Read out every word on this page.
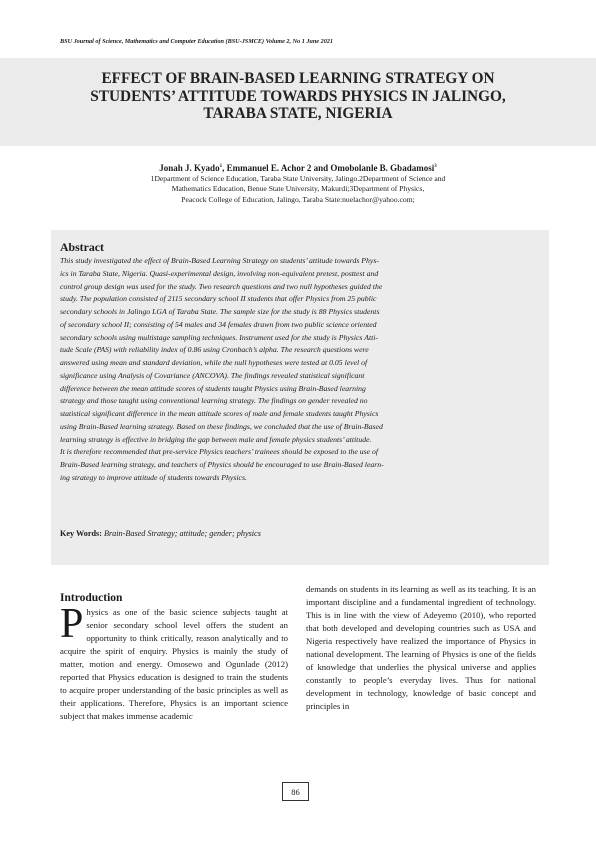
BSU Journal of Science, Mathematics and Computer Education (BSU-JSMCE) Volume 2, No 1 June 2021
EFFECT OF BRAIN-BASED LEARNING STRATEGY ON
STUDENTS’ ATTITUDE TOWARDS PHYSICS IN JALINGO,
TARABA STATE, NIGERIA
Jonah J. Kyado$^1$, Emmanuel E. Achor 2 and Omobolanle B. Gbadamosi$^3$
1Department of Science Education, Taraba State University, Jalingo.2Department of Science and
Mathematics Education, Benue State University, Makurdi;3Department of Physics,
Peacock College of Education, Jalingo, Taraba State:nuelachor@yahoo.com;
Abstract
This study investigated the effect of Brain-Based Learning Strategy on students’ attitude towards Phys-
ics in Taraba State, Nigeria. Quasi-experimental design, involving non-equivalent pretest, posttest and
control group design was used for the study. Two research questions and two null hypotheses guided the
study. The population consisted of 2115 secondary school II students that offer Physics from 25 public
secondary schools in Jalingo LGA of Taraba State. The sample size for the study is 88 Physics students
of secondary school II; consisting of 54 males and 34 females drawn from two public science oriented
secondary schools using multistage sampling techniques. Instrument used for the study is Physics Atti-
tude Scale (PAS) with reliability index of 0.86 using Cronbach’s alpha. The research questions were
answered using mean and standard deviation, while the null hypotheses were tested at 0.05 level of
significance using Analysis of Covariance (ANCOVA). The findings revealed statistical significant
difference between the mean attitude scores of students taught Physics using Brain-Based learning
strategy and those taught using conventional learning strategy. The findings on gender revealed no
statistical significant difference in the mean attitude scores of male and female students taught Physics
using Brain-Based learning strategy. Based on these findings, we concluded that the use of Brain-Based
learning strategy is effective in bridging the gap between male and female physics students’ attitude.
It is therefore recommended that pre-service Physics teachers’ trainees should be exposed to the use of
Brain-Based learning strategy, and teachers of Physics should be encouraged to use Brain-Based learn-
ing strategy to improve attitude of students towards Physics.
Key Words: Brain-Based Strategy; attitude; gender; physics
Introduction

Physics as one of the basic science subjects taught at senior secondary school level offers the student an opportunity to think critically, reason analytically and to acquire the spirit of enquiry. Physics is mainly the study of matter, motion and energy. Omosewo and Ogunlade (2012) reported that Physics education is designed to train the students to acquire proper understanding of the basic principles as well as their applications. Therefore, Physics is an important science subject that makes immense academic

demands on students in its learning as well as its teaching. It is an important discipline and a fundamental ingredient of technology. This is in line with the view of Adeyemo (2010), who reported that both developed and developing countries such as USA and Nigeria respectively have realized the importance of Physics in national development. The learning of Physics is one of the fields of knowledge that underlies the physical universe and applies constantly to people’s everyday lives. Thus for national development in technology, knowledge of basic concept and principles in

86
